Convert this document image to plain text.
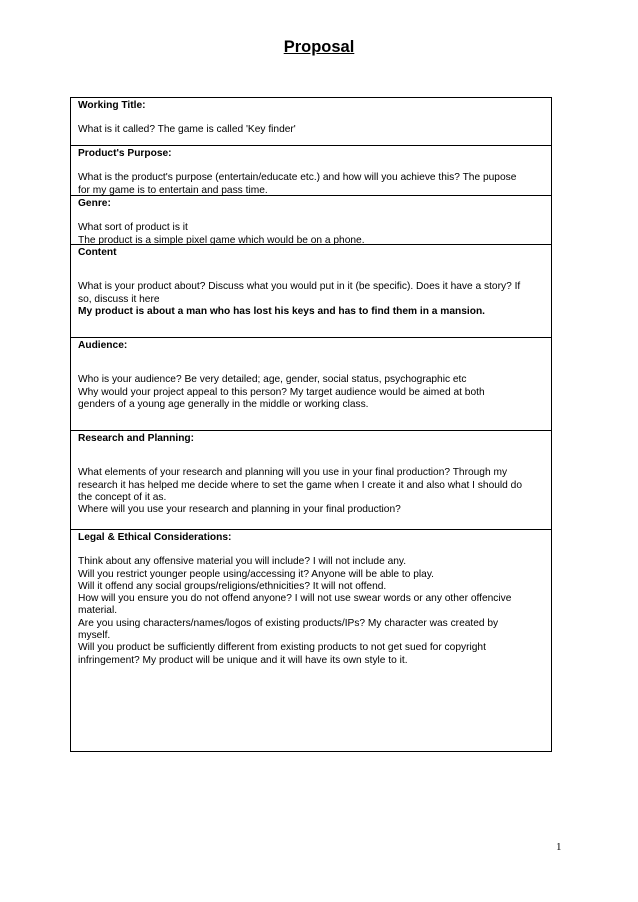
Proposal
Working Title:
What is it called? The game is called 'Key finder'
Product's Purpose:
What is the product's purpose (entertain/educate etc.) and how will you achieve this? The pupose
for my game is to entertain and pass time.
Genre:
What sort of product is it
The product is a simple pixel game which would be on a phone.
Content
What is your product about? Discuss what you would put in it (be specific). Does it have a story? If
so, discuss it here
My product is about a man who has lost his keys and has to find them in a mansion.
Audience:
Who is your audience? Be very detailed; age, gender, social status, psychographic etc
Why would your project appeal to this person? My target audience would be aimed at both
genders of a young age generally in the middle or working class.
Research and Planning:
What elements of your research and planning will you use in your final production? Through my
research it has helped me decide where to set the game when I create it and also what I should do
the concept of it as.
Where will you use your research and planning in your final production?
Legal & Ethical Considerations:
Think about any offensive material you will include? I will not include any.
Will you restrict younger people using/accessing it? Anyone will be able to play.
Will it offend any social groups/religions/ethnicities? It will not offend.
How will you ensure you do not offend anyone? I will not use swear words or any other offencive
material.
Are you using characters/names/logos of existing products/IPs? My character was created by
myself.
Will you product be sufficiently different from existing products to not get sued for copyright
infringement? My product will be unique and it will have its own style to it.
1
